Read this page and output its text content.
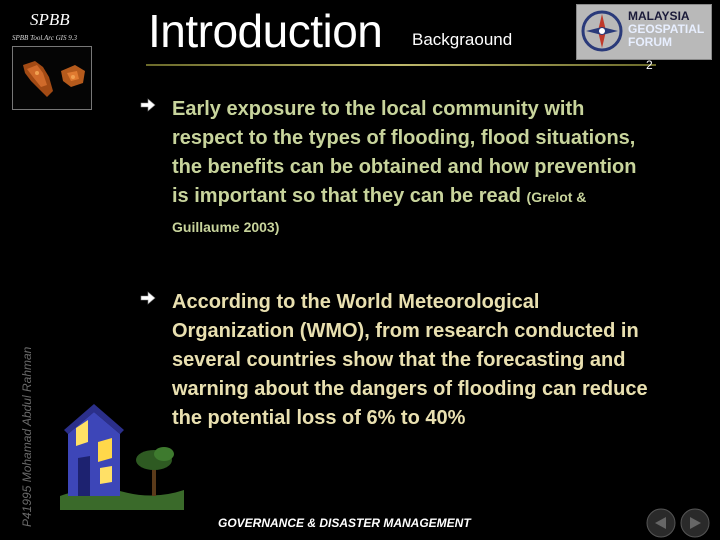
SPBB
SPBB Tool.Arc GIS 9.3 Introduction Backgraound
MALAYSIA
GEOSPATIAL
FORUM
2
P41995 Mohamad Abdul Rahman
Early exposure to the local community with respect to the types of flooding, flood situations, the benefits can be obtained and how prevention is important so that they can be read (Grelot & Guillaume 2003)
According to the World Meteorological Organization (WMO), from research conducted in several countries show that the forecasting and warning about the dangers of flooding can reduce the potential loss of 6% to 40%
GOVERNANCE & DISASTER MANAGEMENT
